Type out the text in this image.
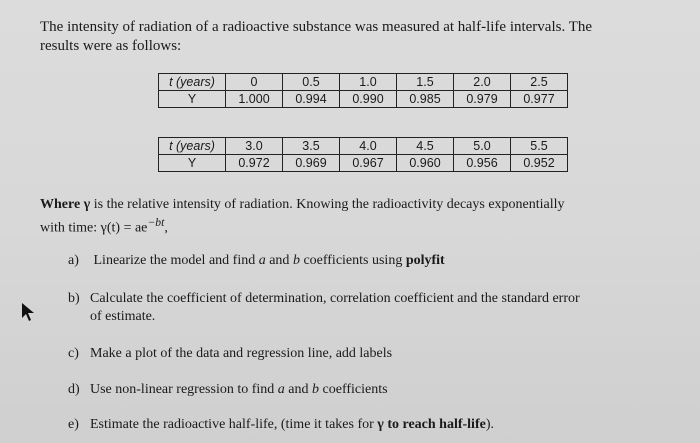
The intensity of radiation of a radioactive substance was measured at half-life intervals. The
results were as follows:
t (years)	0	0.5	1.0	1.5	2.0	2.5
Y	1.000	0.994	0.990	0.985	0.979	0.977
t (years)	3.0	3.5	4.0	4.5	5.0	5.5
Y	0.972	0.969	0.967	0.960	0.956	0.952
Where γ is the relative intensity of radiation. Knowing the radioactivity decays exponentially
with time: $\gamma(t) = ae^{-bt}$,
a) Linearize the model and find a and b coefficients using polyfit
b) Calculate the coefficient of determination, correlation coefficient and the standard error
of estimate.
c) Make a plot of the data and regression line, add labels
d) Use non-linear regression to find a and b coefficients
e) Estimate the radioactive half-life, (time it takes for γ to reach half-life).
